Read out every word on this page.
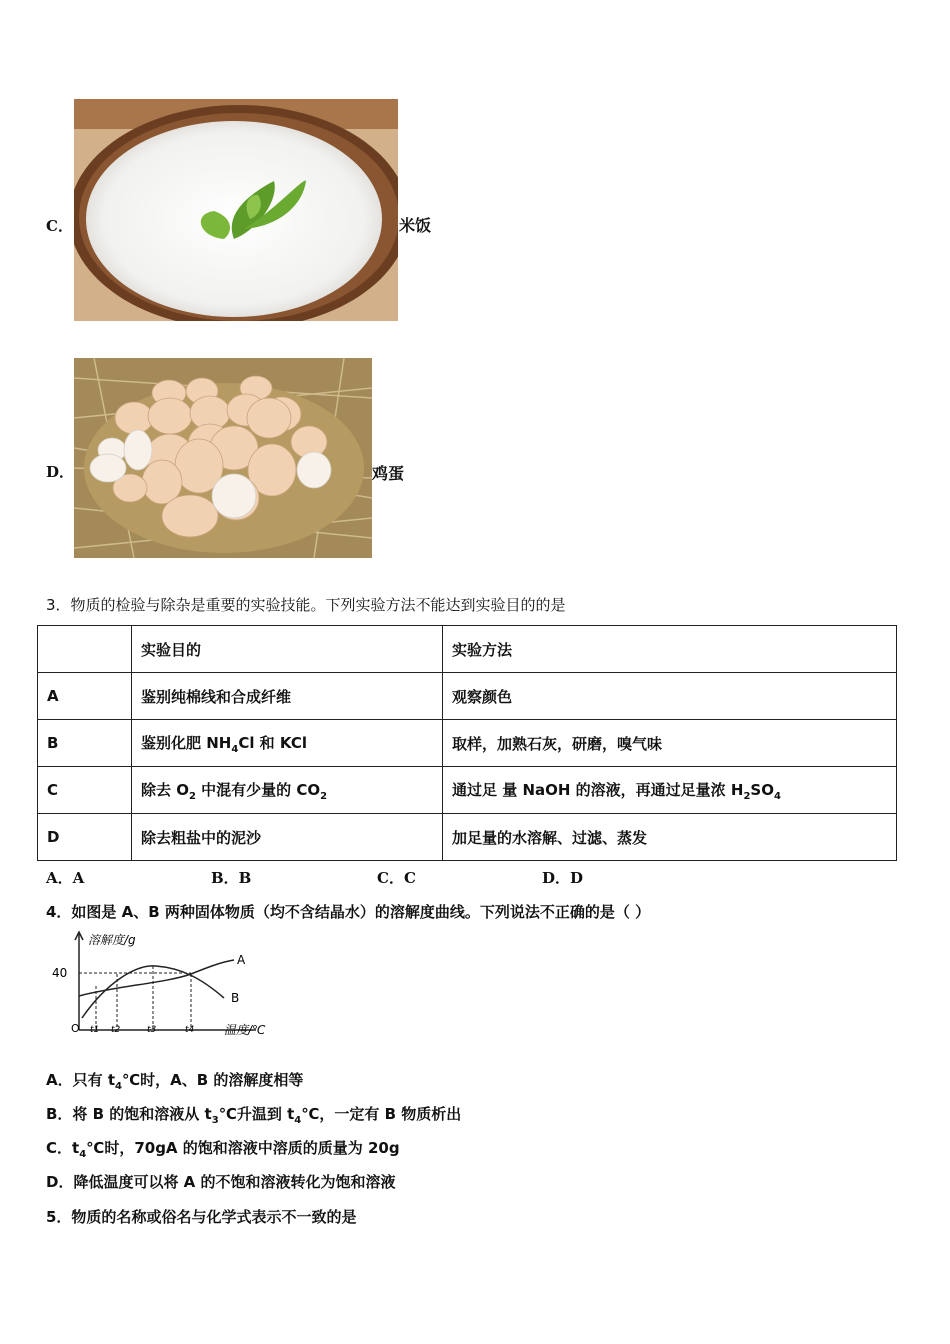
C．	米饭
D．	鸡蛋
3．物质的检验与除杂是重要的实验技能。下列实验方法不能达到实验目的的是
	实验目的	实验方法
A	鉴别纯棉线和合成纤维	观察颜色
B	鉴别化肥 $NH_4Cl$ 和 KCl	取样，加熟石灰，研磨，嗅气味
C	除去 $O_2$ 中混有少量的 $CO_2$	通过足 量 NaOH 的溶液，再通过足量浓 $H_2SO_4$
D	除去粗盐中的泥沙	加足量的水溶解、过滤、蒸发
A．A	B．B	C．C	D．D
4．如图是 A、B 两种固体物质（均不含结晶水）的溶解度曲线。下列说法不正确的是（ ）
溶解度/g
40
A
B
O t1 t2	t3	t4 温度/℃
A．只有 $t_4℃$时，A、B 的溶解度相等
B．将 B 的饱和溶液从 $t_3℃$升温到 $t_4℃$，一定有 B 物质析出
C．$t_4℃$时，70gA 的饱和溶液中溶质的质量为 20g
D．降低温度可以将 A 的不饱和溶液转化为饱和溶液
5．物质的名称或俗名与化学式表示不一致的是
